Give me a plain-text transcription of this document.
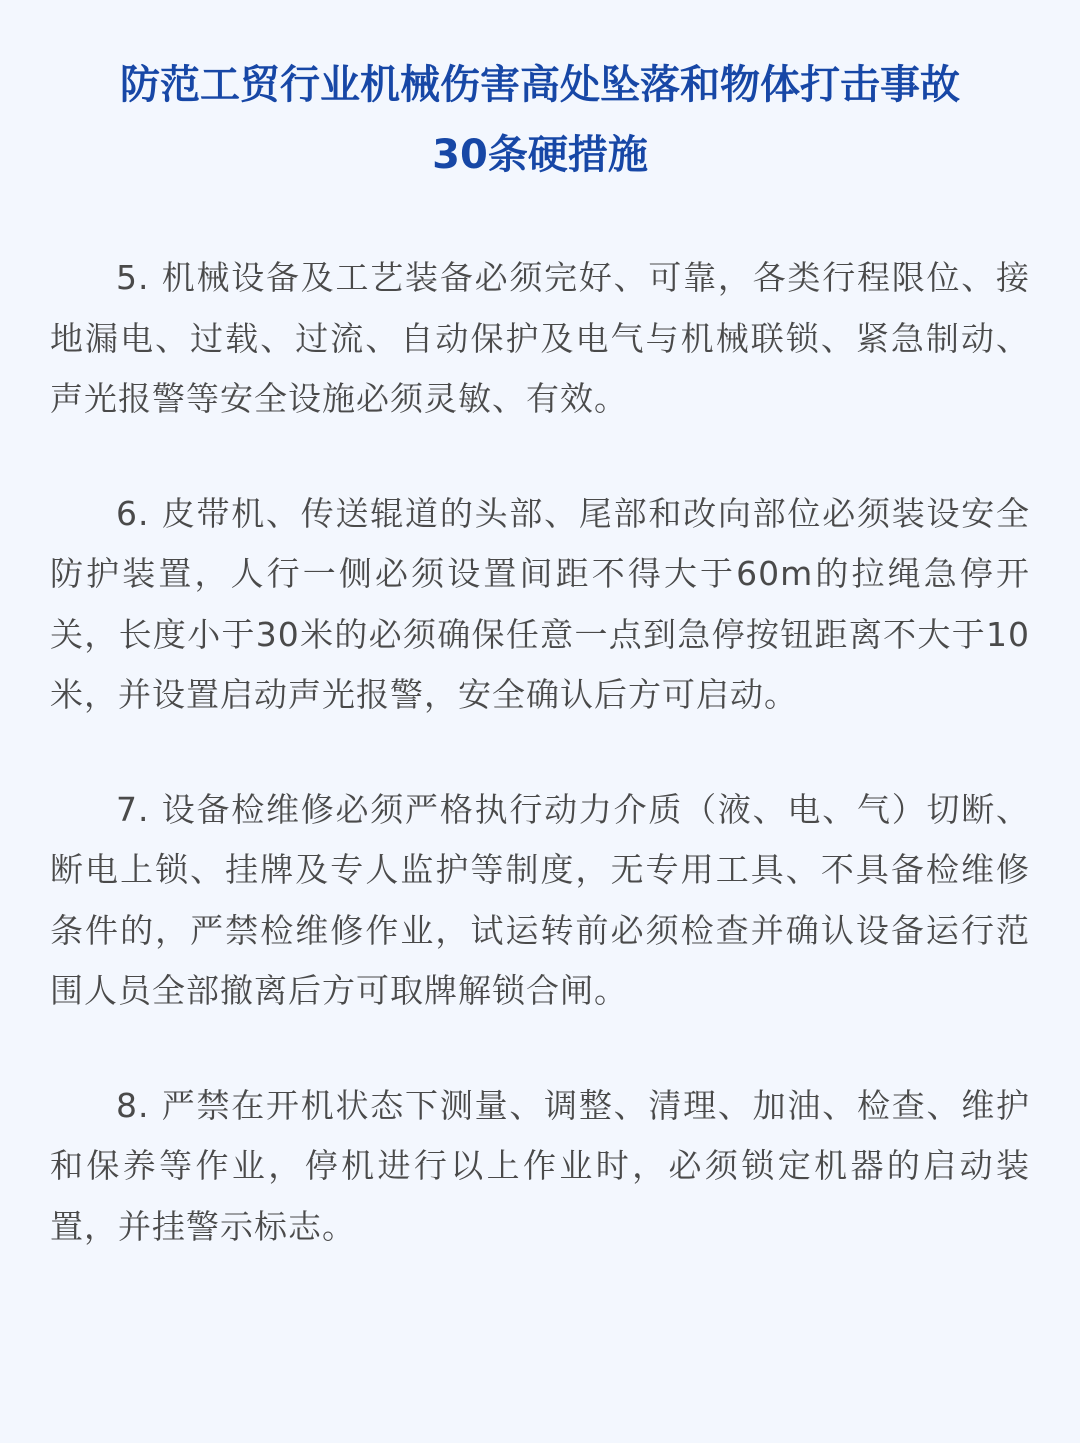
防范工贸行业机械伤害高处坠落和物体打击事故
30条硬措施

5. 机械设备及工艺装备必须完好、可靠，各类行程限位、接地漏电、过载、过流、自动保护及电气与机械联锁、紧急制动、声光报警等安全设施必须灵敏、有效。

6. 皮带机、传送辊道的头部、尾部和改向部位必须装设安全防护装置，人行一侧必须设置间距不得大于60m的拉绳急停开关，长度小于30米的必须确保任意一点到急停按钮距离不大于10米，并设置启动声光报警，安全确认后方可启动。

7. 设备检维修必须严格执行动力介质（液、电、气）切断、断电上锁、挂牌及专人监护等制度，无专用工具、不具备检维修条件的，严禁检维修作业，试运转前必须检查并确认设备运行范围人员全部撤离后方可取牌解锁合闸。

8. 严禁在开机状态下测量、调整、清理、加油、检查、维护和保养等作业，停机进行以上作业时，必须锁定机器的启动装置，并挂警示标志。
